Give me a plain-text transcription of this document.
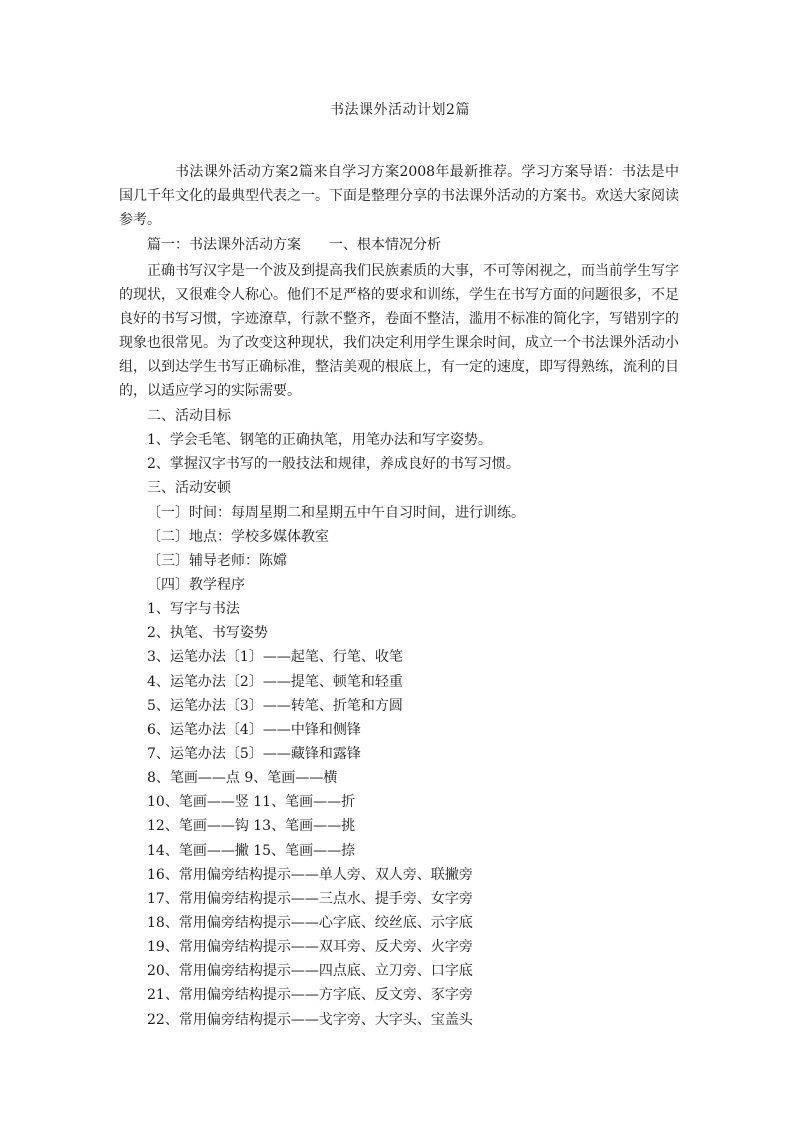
书法课外活动计划2篇
书法课外活动方案2篇来自学习方案2008年最新推荐。学习方案导语：书法是中国几千年文化的最典型代表之一。下面是整理分享的书法课外活动的方案书。欢送大家阅读参考。
篇一：书法课外活动方案　　一、根本情况分析
正确书写汉字是一个波及到提高我们民族素质的大事，不可等闲视之，而当前学生写字的现状，又很难令人称心。他们不足严格的要求和训练，学生在书写方面的问题很多，不足良好的书写习惯，字迹潦草，行款不整齐，卷面不整洁，滥用不标准的简化字，写错别字的现象也很常见。为了改变这种现状，我们决定利用学生课余时间，成立一个书法课外活动小组，以到达学生书写正确标准，整洁美观的根底上，有一定的速度，即写得熟练，流利的目的，以适应学习的实际需要。
二、活动目标
1、学会毛笔、钢笔的正确执笔，用笔办法和写字姿势。
2、掌握汉字书写的一般技法和规律，养成良好的书写习惯。
三、活动安顿
〔一〕时间：每周星期二和星期五中午自习时间，进行训练。
〔二〕地点：学校多媒体教室
〔三〕辅导老师：陈嫦
〔四〕教学程序
1、写字与书法
2、执笔、书写姿势
3、运笔办法〔1〕——起笔、行笔、收笔
4、运笔办法〔2〕——提笔、顿笔和轻重
5、运笔办法〔3〕——转笔、折笔和方圆
6、运笔办法〔4〕——中锋和侧锋
7、运笔办法〔5〕——藏锋和露锋
8、笔画——点 9、笔画——横
10、笔画——竖 11、笔画——折
12、笔画——钩 13、笔画——挑
14、笔画——撇 15、笔画——捺
16、常用偏旁结构提示——单人旁、双人旁、联撇旁
17、常用偏旁结构提示——三点水、提手旁、女字旁
18、常用偏旁结构提示——心字底、绞丝底、示字底
19、常用偏旁结构提示——双耳旁、反犬旁、火字旁
20、常用偏旁结构提示——四点底、立刀旁、口字底
21、常用偏旁结构提示——方字底、反文旁、豕字旁
22、常用偏旁结构提示——戈字旁、大字头、宝盖头
